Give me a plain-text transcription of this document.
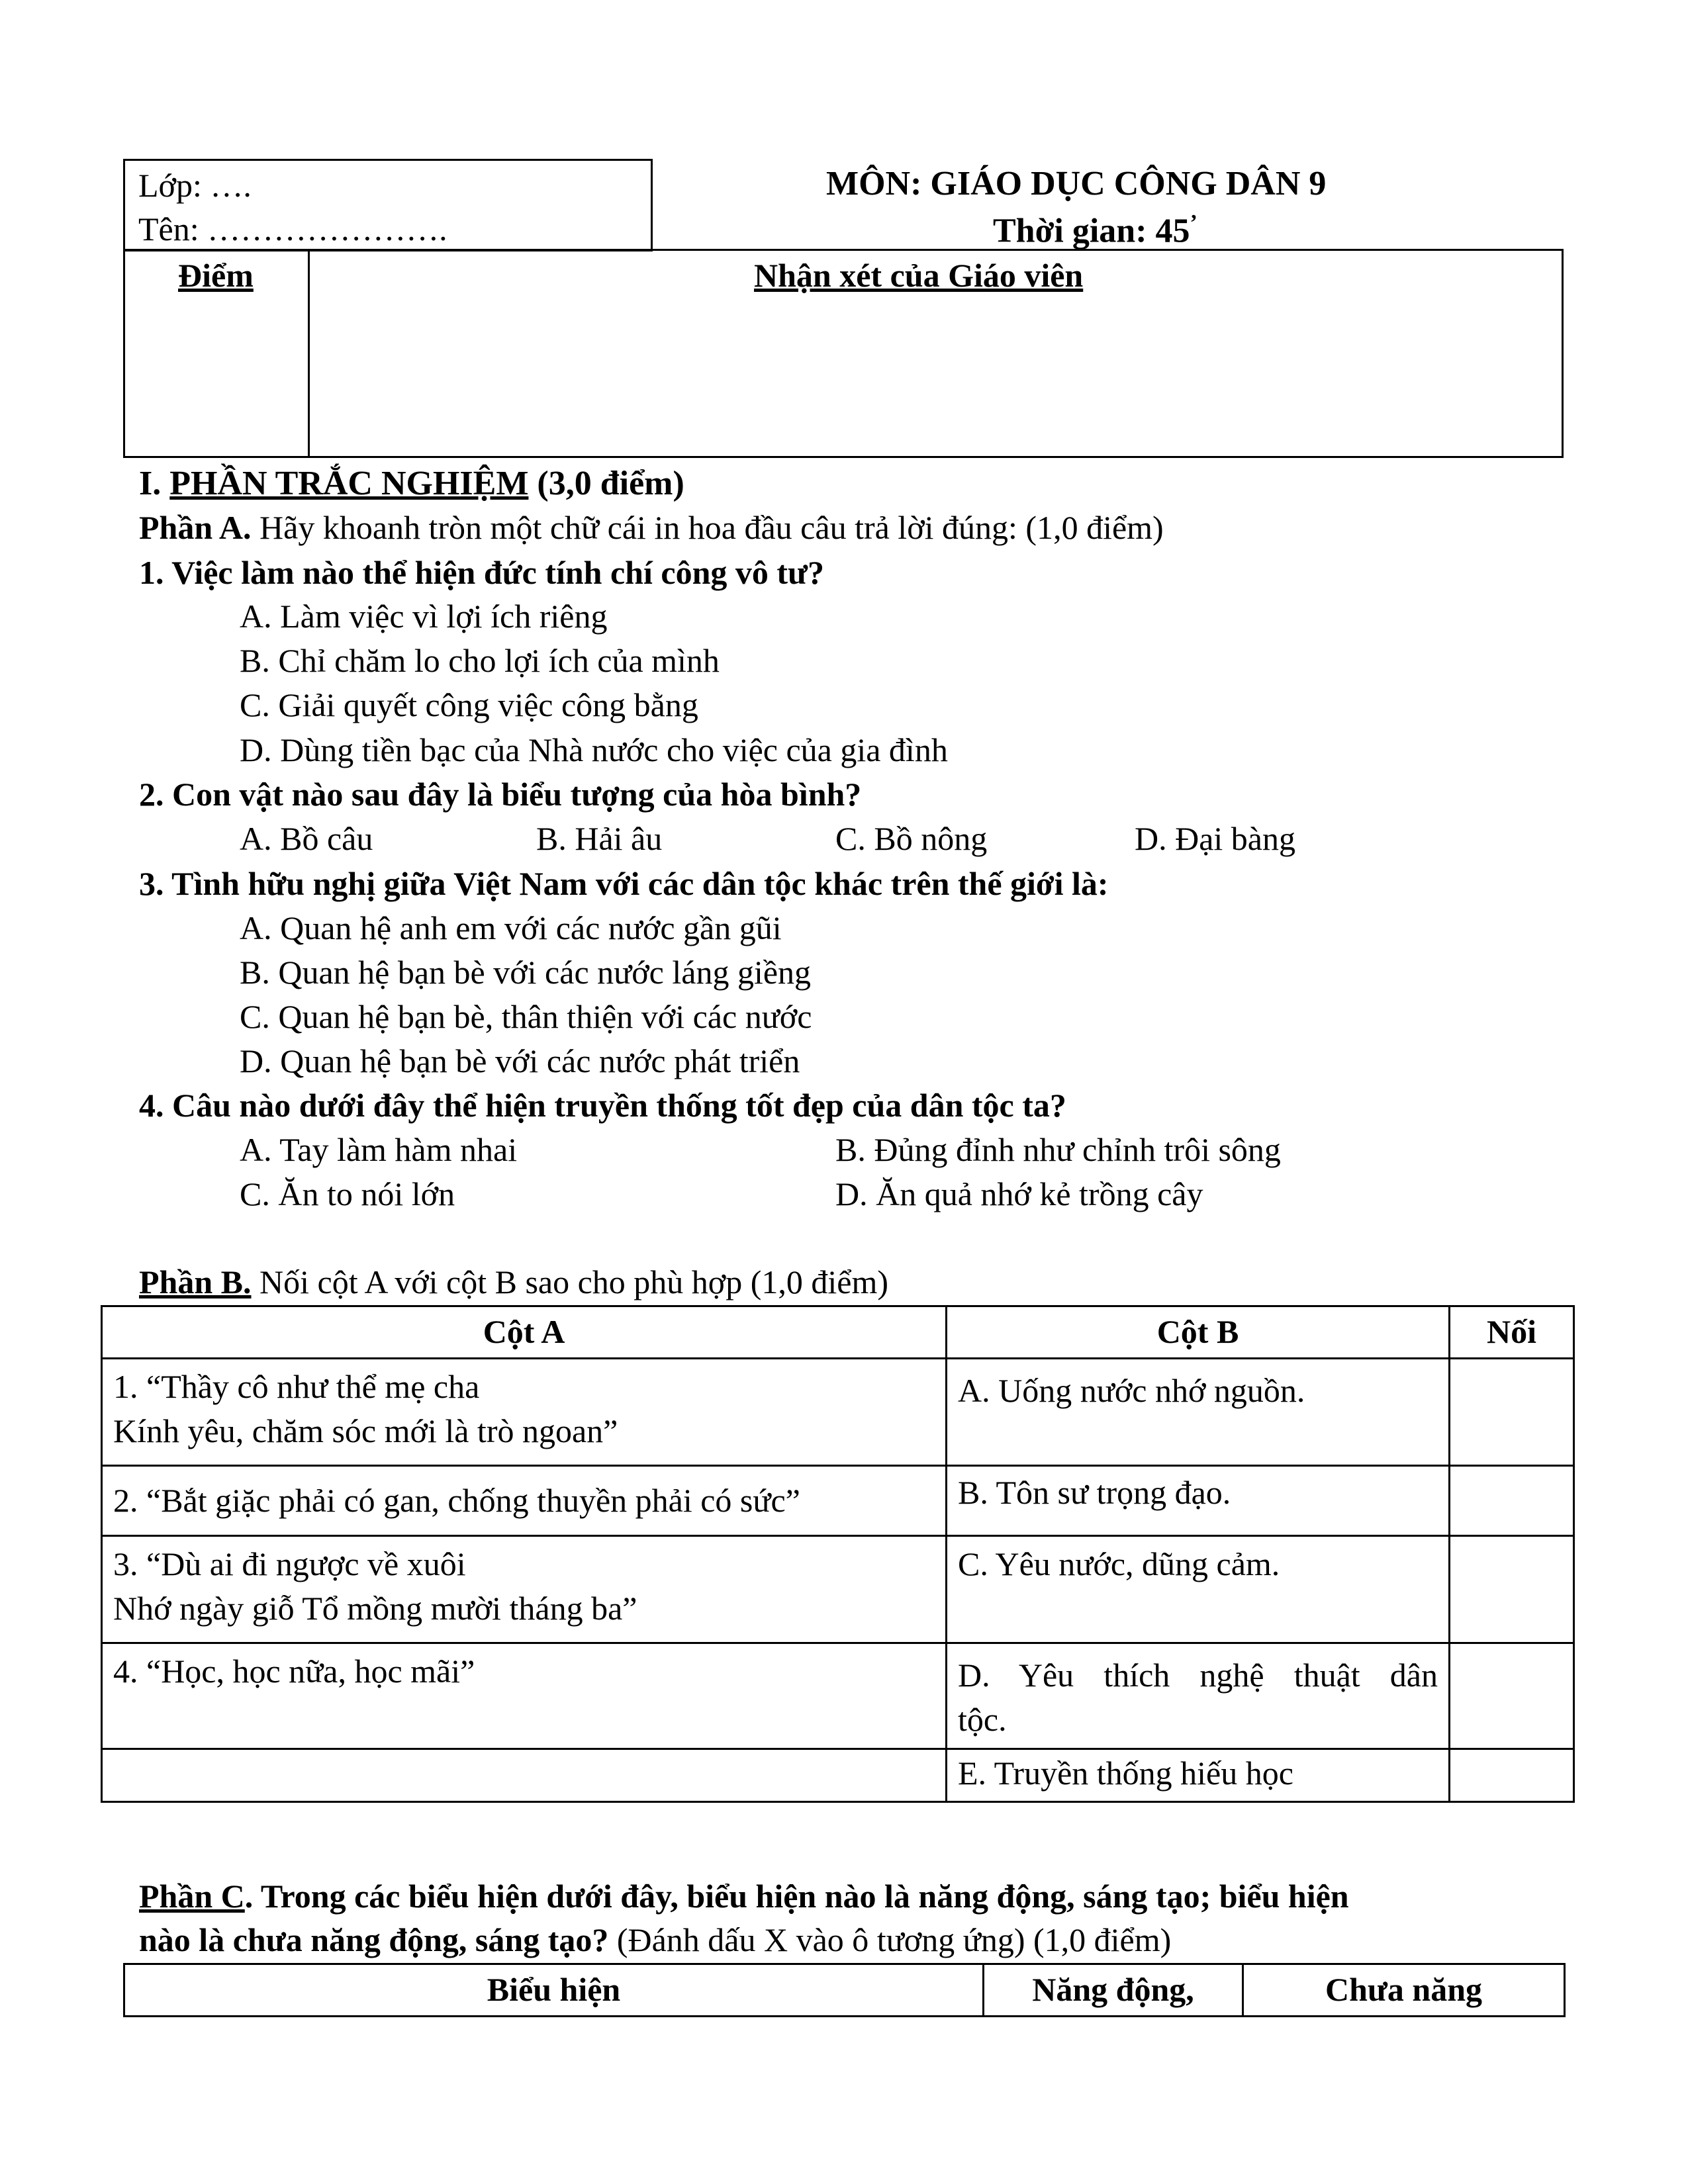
Lớp: ….
Tên: ………………….
MÔN: GIÁO DỤC CÔNG DÂN 9
Thời gian: 45’
Điểm	Nhận xét của Giáo viên
I. PHẦN TRẮC NGHIỆM (3,0 điểm)
Phần A. Hãy khoanh tròn một chữ cái in hoa đầu câu trả lời đúng: (1,0 điểm)
1. Việc làm nào thể hiện đức tính chí công vô tư?
A. Làm việc vì lợi ích riêng
B. Chỉ chăm lo cho lợi ích của mình
C. Giải quyết công việc công bằng
D. Dùng tiền bạc của Nhà nước cho việc của gia đình
2. Con vật nào sau đây là biểu tượng của hòa bình?
A. Bồ câu	B. Hải âu	C. Bồ nông	D. Đại bàng
3. Tình hữu nghị giữa Việt Nam với các dân tộc khác trên thế giới là:
A. Quan hệ anh em với các nước gần gũi
B. Quan hệ bạn bè với các nước láng giềng
C. Quan hệ bạn bè, thân thiện với các nước
D. Quan hệ bạn bè với các nước phát triển
4. Câu nào dưới đây thể hiện truyền thống tốt đẹp của dân tộc ta?
A. Tay làm hàm nhai	B. Đủng đỉnh như chỉnh trôi sông
C. Ăn to nói lớn	D. Ăn quả nhớ kẻ trồng cây
Phần B. Nối cột A với cột B sao cho phù hợp (1,0 điểm)
Cột A	Cột B	Nối

1. “Thầy cô như thể mẹ cha
Kính yêu, chăm sóc mới là trò ngoan”	A. Uống nước nhớ nguồn.	

2. “Bắt giặc phải có gan, chống thuyền phải có sức”	B. Tôn sư trọng đạo.	

3. “Dù ai đi ngược về xuôi
Nhớ ngày giỗ Tổ mồng mười tháng ba”	C. Yêu nước, dũng cảm.	

4. “Học, học nữa, học mãi”	D. Yêu thích nghệ thuật dân
tộc.	

	E. Truyền thống hiếu học	

Phần C. Trong các biểu hiện dưới đây, biểu hiện nào là năng động, sáng tạo; biểu hiện
nào là chưa năng động, sáng tạo? (Đánh dấu X vào ô tương ứng) (1,0 điểm)
Biểu hiện	Năng động,	Chưa năng
